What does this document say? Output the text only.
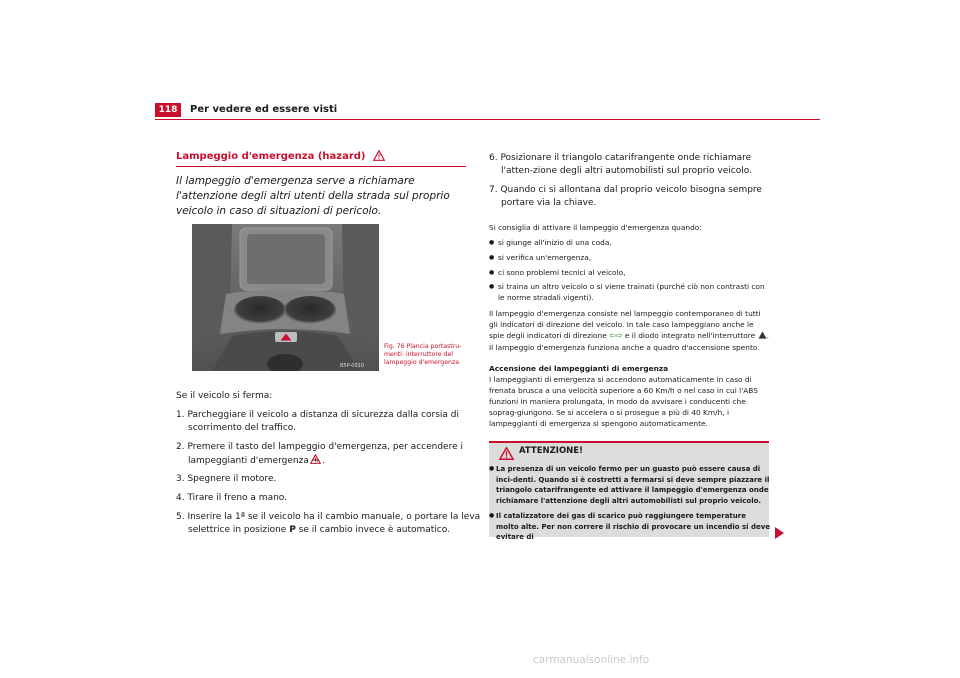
118	Per vedere ed essere visti
Lampeggio d'emergenza (hazard)
Il lampeggio d'emergenza serve a richiamare l'attenzione degli altri utenti della strada sul proprio veicolo in caso di situazioni di pericolo.
B5P-0010
Fig. 76 Plancia portastru-menti: interruttore del lampeggio d'emergenza
Se il veicolo si ferma:
1. Parcheggiare il veicolo a distanza di sicurezza dalla corsia di scorrimento del traffico.
2. Premere il tasto del lampeggio d'emergenza, per accendere i lampeggianti d'emergenza ⇒ .
3. Spegnere il motore.
4. Tirare il freno a mano.
5. Inserire la 1ª se il veicolo ha il cambio manuale, o portare la leva selettrice in posizione P se il cambio invece è automatico.
6. Posizionare il triangolo catarifrangente onde richiamare l'atten-zione degli altri automobilisti sul proprio veicolo.
7. Quando ci si allontana dal proprio veicolo bisogna sempre portare via la chiave.
Si consiglia di attivare il lampeggio d'emergenza quando:
● si giunge all'inizio di una coda,
● si verifica un'emergenza,
● ci sono problemi tecnici al veicolo,
● si traina un altro veicolo o si viene trainati (purché ciò non contrasti con le norme stradali vigenti).
Il lampeggio d'emergenza consiste nel lampeggio contemporaneo di tutti gli indicatori di direzione del veicolo. In tale caso lampeggiano anche le spie degli indicatori di direzione ⇦⇨ e il diodo integrato nell'interruttore . Il lampeggio d'emergenza funziona anche a quadro d'accensione spento.
Accensione dei lampeggianti di emergenza
I lampeggianti di emergenza si accendono automaticamente in caso di frenata brusca a una velocità superiore a 60 Km/h o nel caso in cui l'ABS funzioni in maniera prolungata, in modo da avvisare i conducenti che soprag-giungono. Se si accelera o si prosegue a più di 40 Km/h, i lampeggianti di emergenza si spengono automaticamente.
ATTENZIONE!
● La presenza di un veicolo fermo per un guasto può essere causa di inci-denti. Quando si è costretti a fermarsi si deve sempre piazzare il triangolo catarifrangente ed attivare il lampeggio d'emergenza onde richiamare l'attenzione degli altri automobilisti sul proprio veicolo.
● Il catalizzatore dei gas di scarico può raggiungere temperature molto alte. Per non correre il rischio di provocare un incendio si deve evitare di
carmanualsonline.info
